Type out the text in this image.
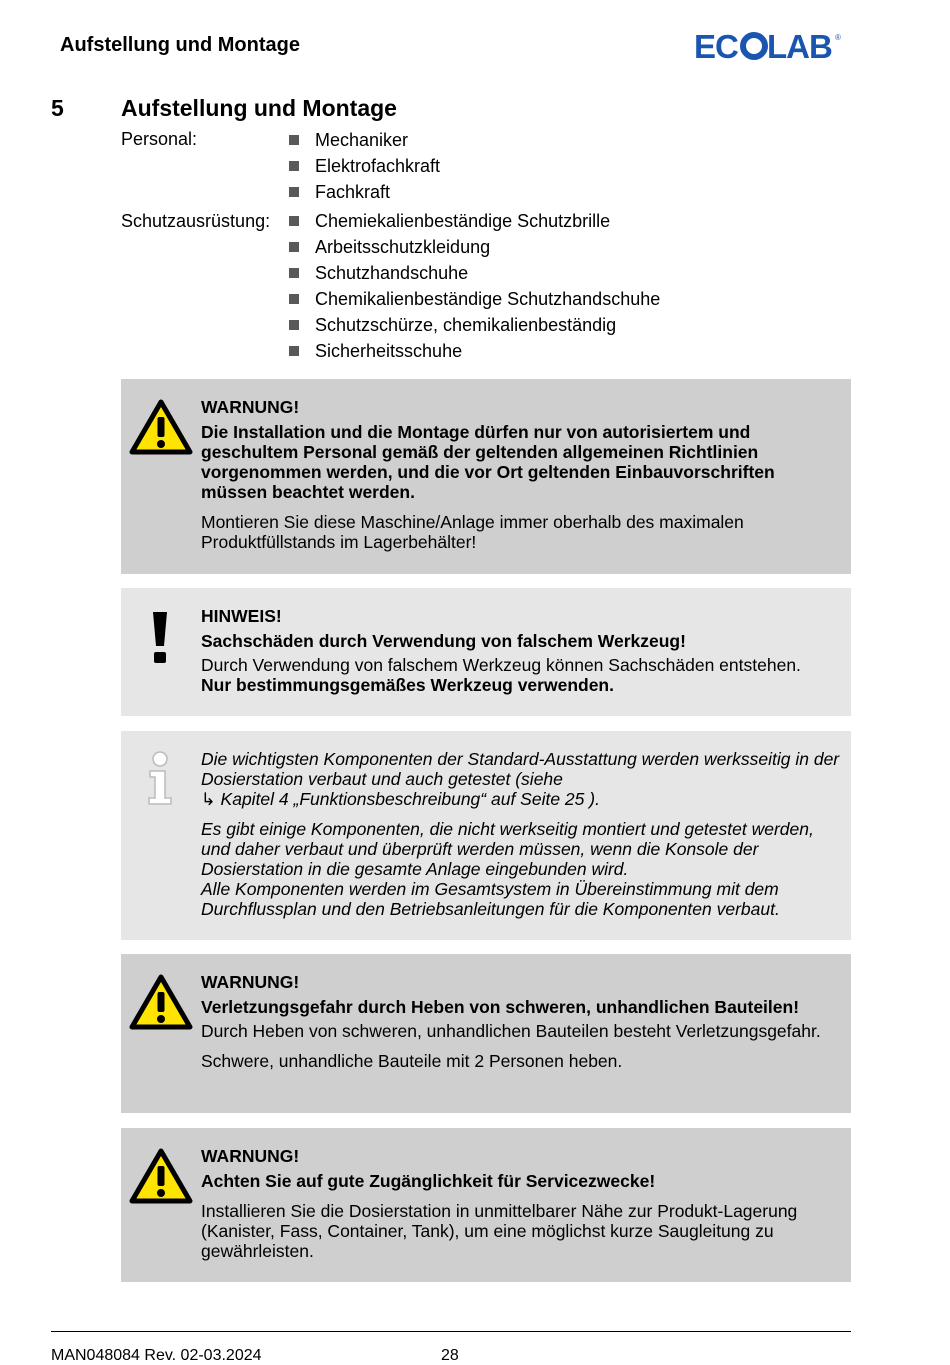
Aufstellung und Montage	EC LAB ®
5 Aufstellung und Montage
Personal:	Mechaniker
Elektrofachkraft
Fachkraft
Schutzausrüstung:	Chemiekalienbeständige Schutzbrille
Arbeitsschutzkleidung
Schutzhandschuhe
Chemikalienbeständige Schutzhandschuhe
Schutzschürze, chemikalienbeständig
Sicherheitsschuhe

WARNUNG!

Die Installation und die Montage dürfen nur von autorisiertem und geschultem Personal gemäß der geltenden allgemeinen Richtlinien vorgenommen werden, und die vor Ort geltenden Einbauvorschriften müssen beachtet werden.

Montieren Sie diese Maschine/Anlage immer oberhalb des maximalen Produktfüllstands im Lagerbehälter!

HINWEIS!

Sachschäden durch Verwendung von falschem Werkzeug!

Durch Verwendung von falschem Werkzeug können Sachschäden entstehen.

Nur bestimmungsgemäßes Werkzeug verwenden.

Die wichtigsten Komponenten der Standard-Ausstattung werden werksseitig in der Dosierstation verbaut und auch getestet (siehe
↳ Kapitel 4 „Funktionsbeschreibung“ auf Seite 25 ).

Es gibt einige Komponenten, die nicht werkseitig montiert und getestet werden, und daher verbaut und überprüft werden müssen, wenn die Konsole der Dosierstation in die gesamte Anlage eingebunden wird.

Alle Komponenten werden im Gesamtsystem in Übereinstimmung mit dem Durchflussplan und den Betriebsanleitungen für die Komponenten verbaut.

WARNUNG!

Verletzungsgefahr durch Heben von schweren, unhandlichen Bauteilen!

Durch Heben von schweren, unhandlichen Bauteilen besteht Verletzungsgefahr.

Schwere, unhandliche Bauteile mit 2 Personen heben.

WARNUNG!

Achten Sie auf gute Zugänglichkeit für Servicezwecke!

Installieren Sie die Dosierstation in unmittelbarer Nähe zur Produkt-Lagerung (Kanister, Fass, Container, Tank), um eine möglichst kurze Saugleitung zu gewährleisten.

MAN048084 Rev. 02-03.2024	28
